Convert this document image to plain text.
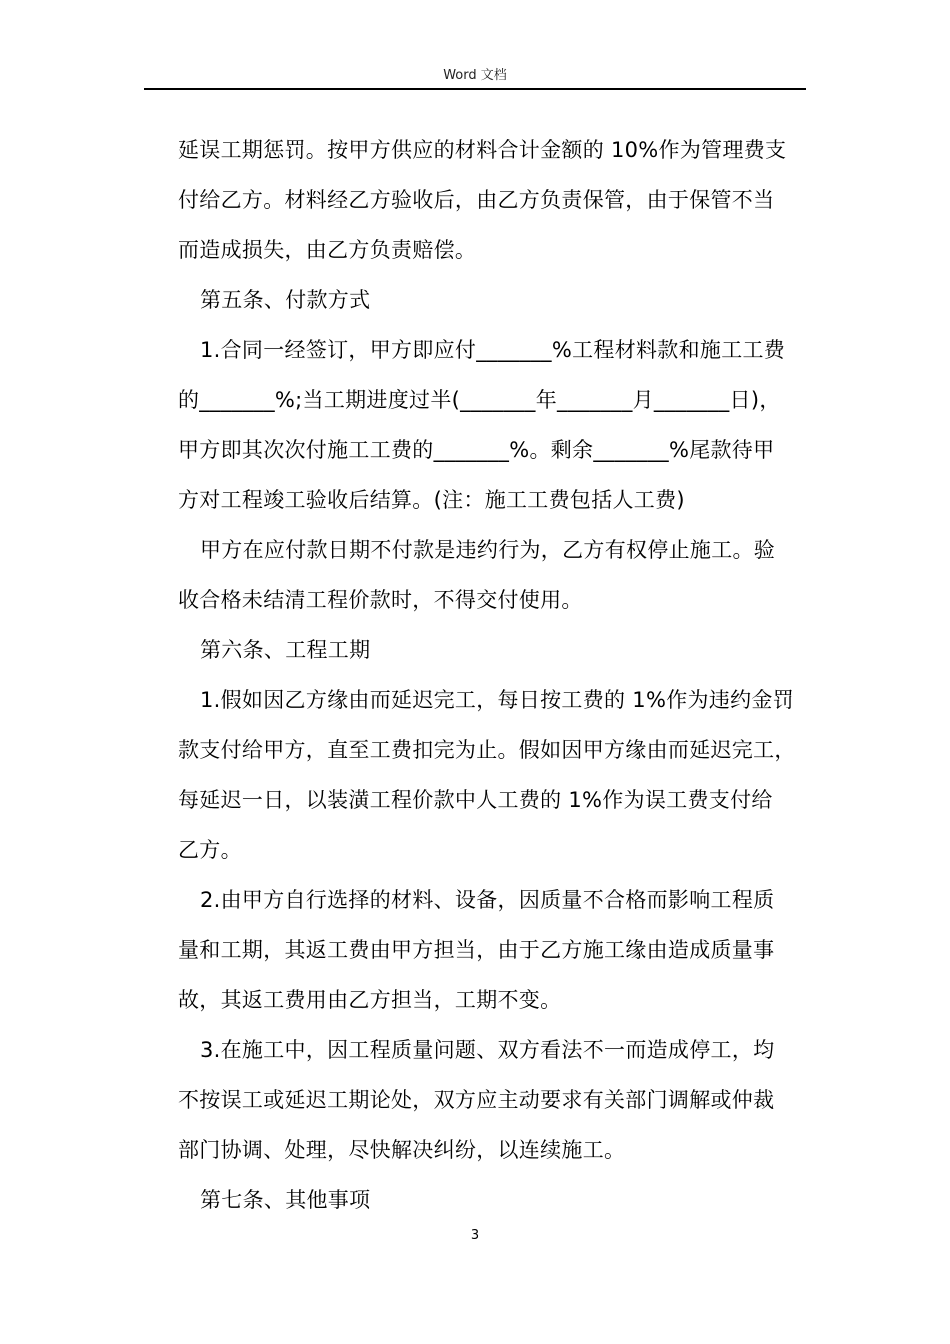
Word 文档
延误工期惩罚。按甲方供应的材料合计金额的 10%作为管理费支
付给乙方。材料经乙方验收后，由乙方负责保管，由于保管不当
而造成损失，由乙方负责赔偿。
第五条、付款方式
1.合同一经签订，甲方即应付_______%工程材料款和施工工费
的_______%;当工期进度过半(_______年_______月_______日)，
甲方即其次次付施工工费的_______%。剩余_______%尾款待甲
方对工程竣工验收后结算。(注：施工工费包括人工费)
甲方在应付款日期不付款是违约行为，乙方有权停止施工。验
收合格未结清工程价款时，不得交付使用。
第六条、工程工期
1.假如因乙方缘由而延迟完工，每日按工费的 1%作为违约金罚
款支付给甲方，直至工费扣完为止。假如因甲方缘由而延迟完工，
每延迟一日，以装潢工程价款中人工费的 1%作为误工费支付给
乙方。
2.由甲方自行选择的材料、设备，因质量不合格而影响工程质
量和工期，其返工费由甲方担当，由于乙方施工缘由造成质量事
故，其返工费用由乙方担当，工期不变。
3.在施工中，因工程质量问题、双方看法不一而造成停工，均
不按误工或延迟工期论处，双方应主动要求有关部门调解或仲裁
部门协调、处理，尽快解决纠纷，以连续施工。
第七条、其他事项
3
